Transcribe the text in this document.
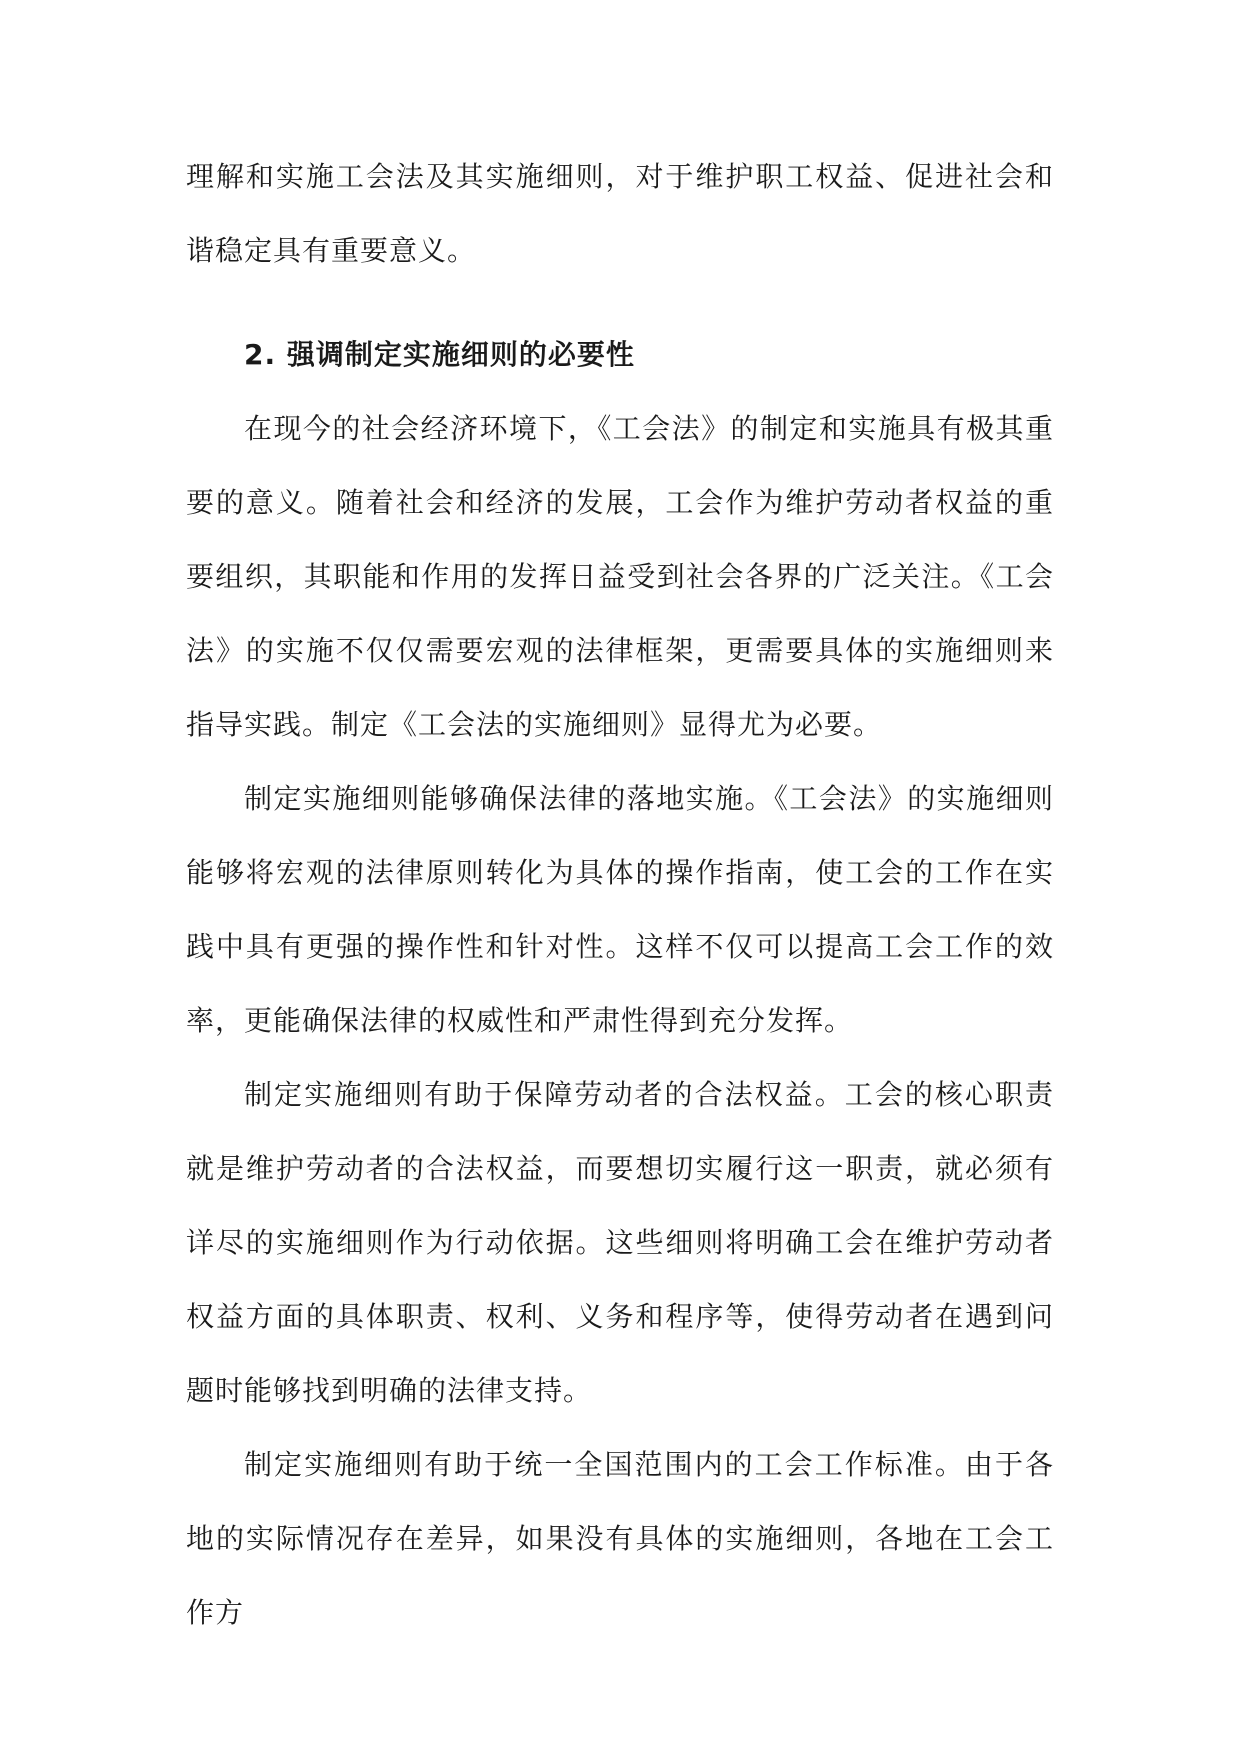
理解和实施工会法及其实施细则，对于维护职工权益、促进社会和谐稳定具有重要意义。

2. 强调制定实施细则的必要性

在现今的社会经济环境下，《工会法》的制定和实施具有极其重要的意义。随着社会和经济的发展，工会作为维护劳动者权益的重要组织，其职能和作用的发挥日益受到社会各界的广泛关注。《工会法》的实施不仅仅需要宏观的法律框架，更需要具体的实施细则来指导实践。制定《工会法的实施细则》显得尤为必要。

制定实施细则能够确保法律的落地实施。《工会法》的实施细则能够将宏观的法律原则转化为具体的操作指南，使工会的工作在实践中具有更强的操作性和针对性。这样不仅可以提高工会工作的效率，更能确保法律的权威性和严肃性得到充分发挥。

制定实施细则有助于保障劳动者的合法权益。工会的核心职责就是维护劳动者的合法权益，而要想切实履行这一职责，就必须有详尽的实施细则作为行动依据。这些细则将明确工会在维护劳动者权益方面的具体职责、权利、义务和程序等，使得劳动者在遇到问题时能够找到明确的法律支持。

制定实施细则有助于统一全国范围内的工会工作标准。由于各地的实际情况存在差异，如果没有具体的实施细则，各地在工会工作方
